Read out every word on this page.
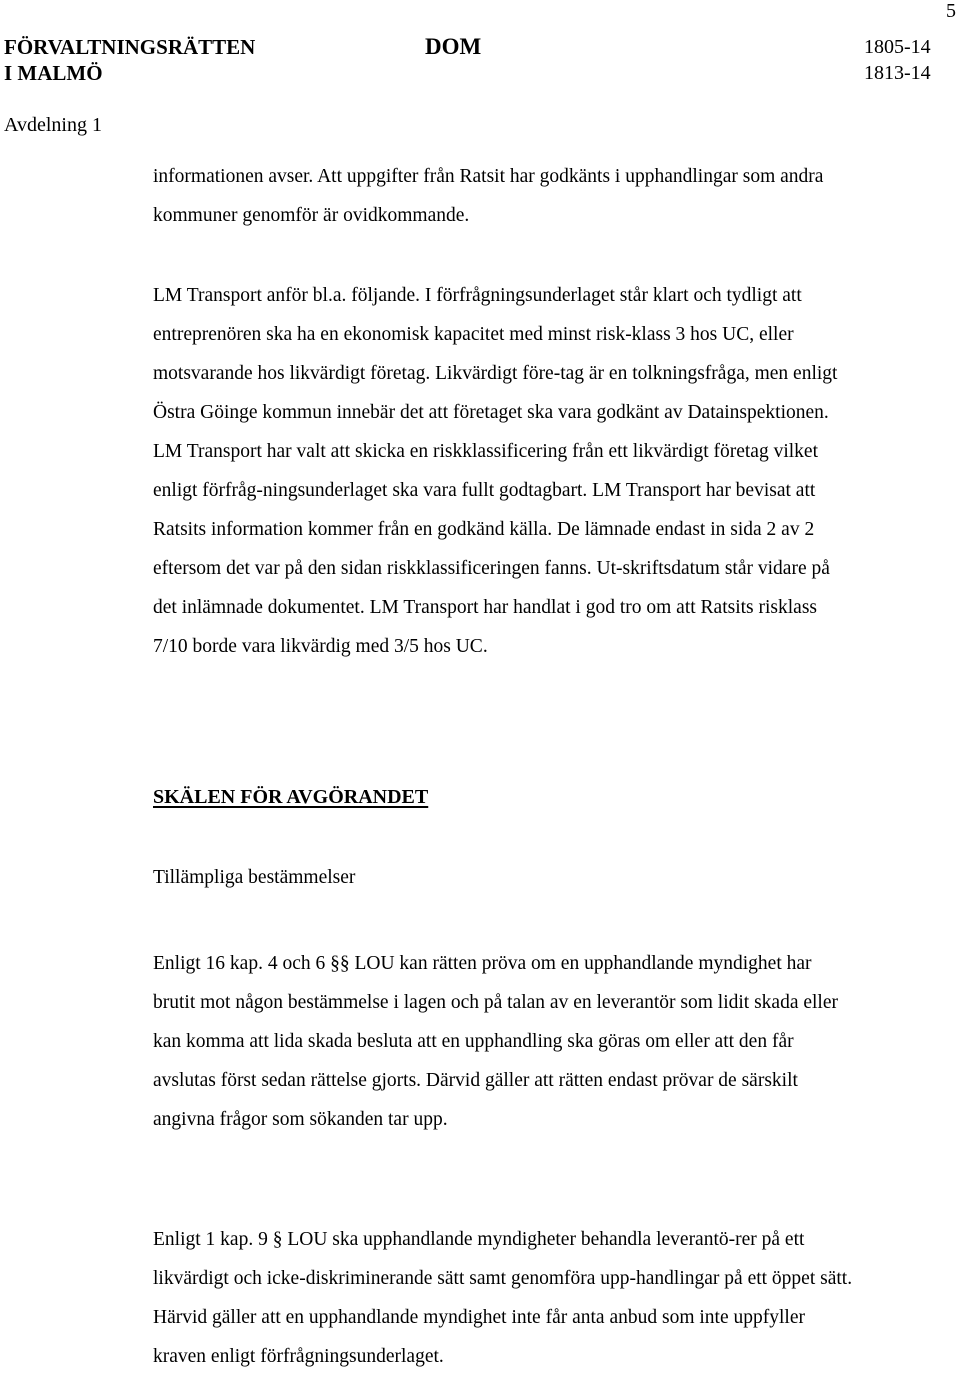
5
FÖRVALTNINGSRÄTTEN
I MALMÖ
DOM	1805-14
1813-14
Avdelning 1

informationen avser. Att uppgifter från Ratsit har godkänts i upphandlingar som andra kommuner genomför är ovidkommande.

LM Transport anför bl.a. följande. I förfrågningsunderlaget står klart och tydligt att entreprenören ska ha en ekonomisk kapacitet med minst risk-klass 3 hos UC, eller motsvarande hos likvärdigt företag. Likvärdigt före-tag är en tolkningsfråga, men enligt Östra Göinge kommun innebär det att företaget ska vara godkänt av Datainspektionen. LM Transport har valt att skicka en riskklassificering från ett likvärdigt företag vilket enligt förfråg-ningsunderlaget ska vara fullt godtagbart. LM Transport har bevisat att Ratsits information kommer från en godkänd källa. De lämnade endast in sida 2 av 2 eftersom det var på den sidan riskklassificeringen fanns. Ut-skriftsdatum står vidare på det inlämnade dokumentet. LM Transport har handlat i god tro om att Ratsits risklass 7/10 borde vara likvärdig med 3/5 hos UC.

SKÄLEN FÖR AVGÖRANDET
Tillämpliga bestämmelser

Enligt 16 kap. 4 och 6 §§ LOU kan rätten pröva om en upphandlande myndighet har brutit mot någon bestämmelse i lagen och på talan av en leverantör som lidit skada eller kan komma att lida skada besluta att en upphandling ska göras om eller att den får avslutas först sedan rättelse gjorts. Därvid gäller att rätten endast prövar de särskilt angivna frågor som sökanden tar upp.

Enligt 1 kap. 9 § LOU ska upphandlande myndigheter behandla leverantö-rer på ett likvärdigt och icke-diskriminerande sätt samt genomföra upp-handlingar på ett öppet sätt. Härvid gäller att en upphandlande myndighet inte får anta anbud som inte uppfyller kraven enligt förfrågningsunderlaget.
